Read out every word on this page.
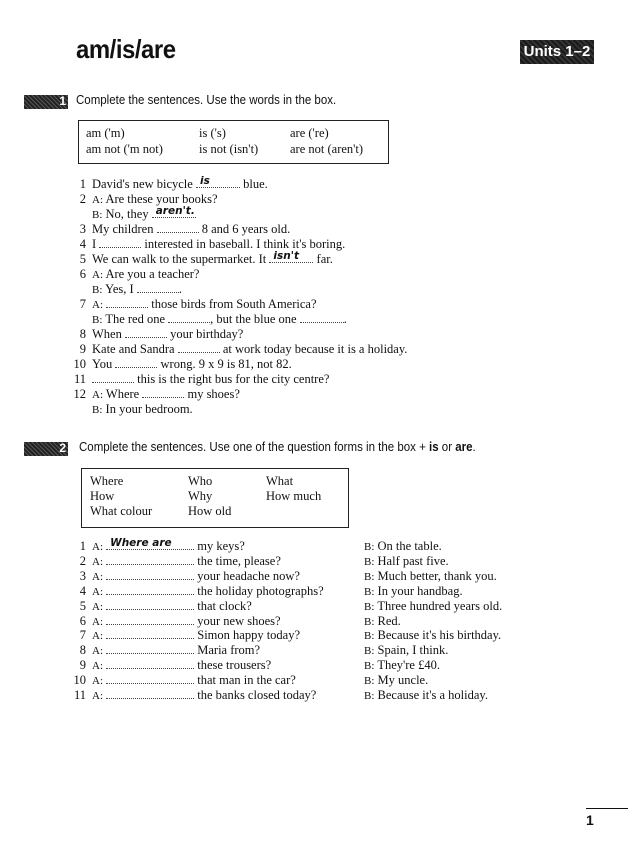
am/is/are	Units 1–2
1 Complete the sentences. Use the words in the box.
am ('m)	is ('s)	are ('re)
am not ('m not)	is not (isn't)	are not (aren't)
1 David's new bicycle is	blue.
2 A: Are these your books?
B: No, they aren't.
3 My children	8 and 6 years old.
4 I	interested in baseball. I think it's boring.
5 We can walk to the supermarket. It isn't far.
6 A: Are you a teacher?
B: Yes, I	.
7 A:	those birds from South America?
B: The red one	, but the blue one	.
8 When	your birthday?
9 Kate and Sandra	at work today because it is a holiday.
10 You	wrong. 9 x 9 is 81, not 82.
11	this is the right bus for the city centre?
12 A: Where	my shoes?
B: In your bedroom.
2 Complete the sentences. Use one of the question forms in the box + is or are.
Where	Who	What
How	Why	How much
What colour	How old
1 A: Where are my keys?	B: On the table.
2 A:	the time, please?	B: Half past five.
3 A:	your headache now?	B: Much better, thank you.
4 A:	the holiday photographs?	B: In your handbag.
5 A:	that clock?	B: Three hundred years old.
6 A:	your new shoes?	B: Red.
7 A:	Simon happy today?	B: Because it's his birthday.
8 A:	Maria from?	B: Spain, I think.
9 A:	these trousers?	B: They're £40.
10 A:	that man in the car?	B: My uncle.
11 A:	the banks closed today?	B: Because it's a holiday.
1
